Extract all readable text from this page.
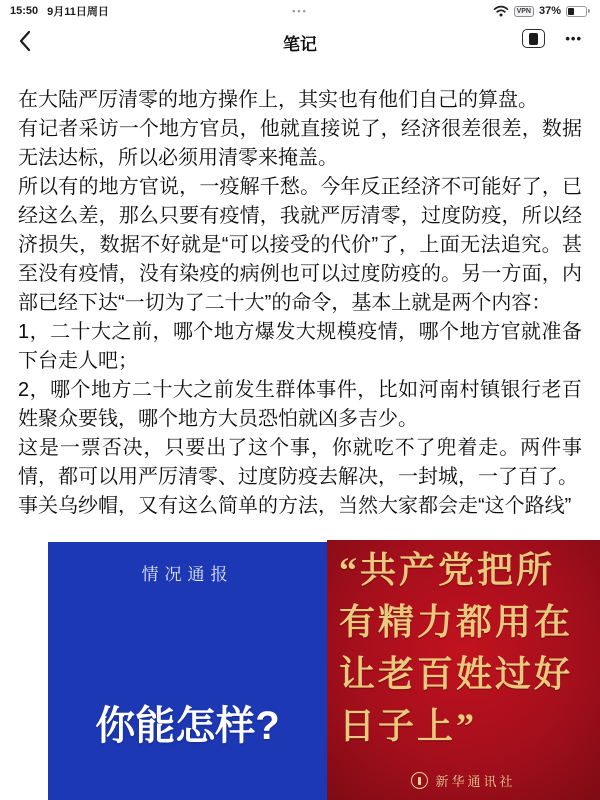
15:50 9月11日周日	•••	VPN 37%
笔记	•••

在大陆严厉清零的地方操作上，其实也有他们自己的算盘。

有记者采访一个地方官员，他就直接说了，经济很差很差，数据无法达标，所以必须用清零来掩盖。

所以有的地方官说，一疫解千愁。今年反正经济不可能好了，已经这么差，那么只要有疫情，我就严厉清零，过度防疫，所以经济损失，数据不好就是“可以接受的代价”了，上面无法追究。甚至没有疫情，没有染疫的病例也可以过度防疫的。另一方面，内部已经下达“一切为了二十大”的命令，基本上就是两个内容：

1，二十大之前，哪个地方爆发大规模疫情，哪个地方官就准备下台走人吧；

2，哪个地方二十大之前发生群体事件，比如河南村镇银行老百姓聚众要钱，哪个地方大员恐怕就凶多吉少。

这是一票否决，只要出了这个事，你就吃不了兜着走。两件事情，都可以用严厉清零、过度防疫去解决，一封城，一了百了。

事关乌纱帽，又有这么简单的方法，当然大家都会走“这个路线”

情况通报
你能怎样?
“共产党把所
有精力都用在
让老百姓过好
日子上”
新华通讯社
